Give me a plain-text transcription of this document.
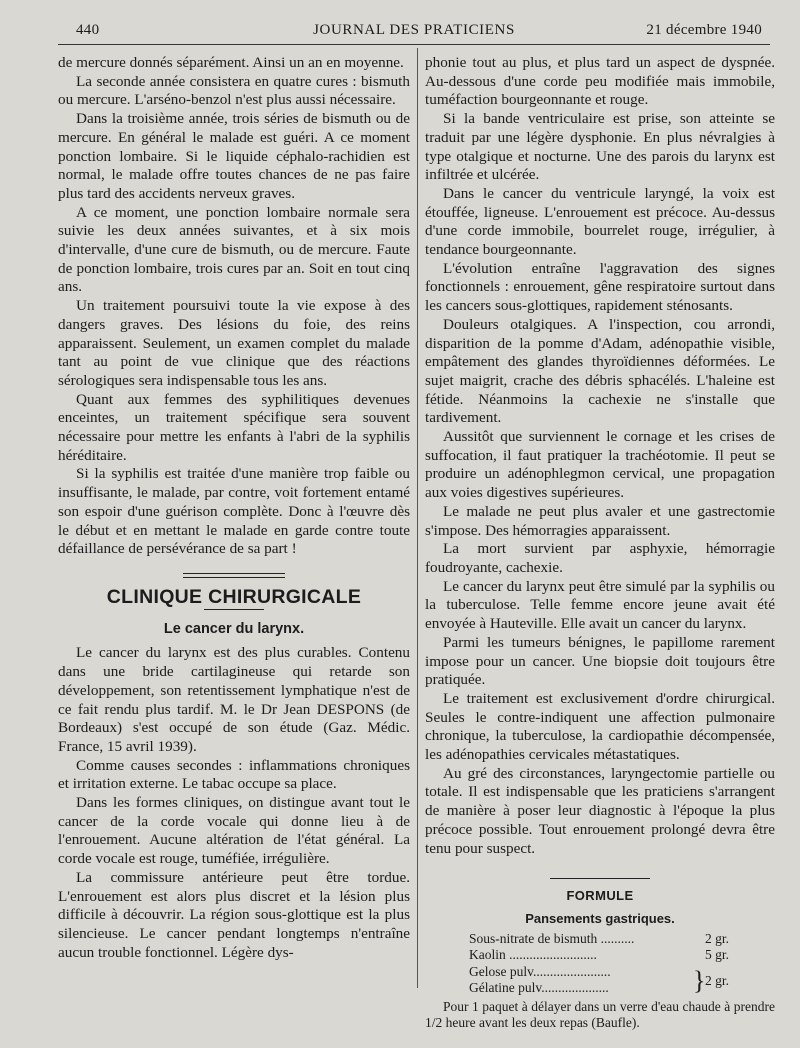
440	JOURNAL DES PRATICIENS	21 décembre 1940

de mercure donnés séparément. Ainsi un an en moyenne.

La seconde année consistera en quatre cures : bismuth ou mercure. L'arséno-benzol n'est plus aussi nécessaire.

Dans la troisième année, trois séries de bismuth ou de mercure. En général le malade est guéri. A ce moment ponction lombaire. Si le liquide céphalo-rachidien est normal, le malade offre toutes chances de ne pas faire plus tard des accidents nerveux graves.

A ce moment, une ponction lombaire normale sera suivie les deux années suivantes, et à six mois d'intervalle, d'une cure de bismuth, ou de mercure. Faute de ponction lombaire, trois cures par an. Soit en tout cinq ans.

Un traitement poursuivi toute la vie expose à des dangers graves. Des lésions du foie, des reins apparaissent. Seulement, un examen complet du malade tant au point de vue clinique que des réactions sérologiques sera indispensable tous les ans.

Quant aux femmes des syphilitiques devenues enceintes, un traitement spécifique sera souvent nécessaire pour mettre les enfants à l'abri de la syphilis héréditaire.

Si la syphilis est traitée d'une manière trop faible ou insuffisante, le malade, par contre, voit fortement entamé son espoir d'une guérison complète. Donc à l'œuvre dès le début et en mettant le malade en garde contre toute défaillance de persévérance de sa part !

CLINIQUE CHIRURGICALE
Le cancer du larynx.

Le cancer du larynx est des plus curables. Contenu dans une bride cartilagineuse qui retarde son développement, son retentissement lymphatique n'est de ce fait rendu plus tardif. M. le Dr Jean DESPONS (de Bordeaux) s'est occupé de son étude (Gaz. Médic. France, 15 avril 1939).

Comme causes secondes : inflammations chroniques et irritation externe. Le tabac occupe sa place.

Dans les formes cliniques, on distingue avant tout le cancer de la corde vocale qui donne lieu à de l'enrouement. Aucune altération de l'état général. La corde vocale est rouge, tuméfiée, irrégulière.

La commissure antérieure peut être tordue. L'enrouement est alors plus discret et la lésion plus difficile à découvrir. La région sous-glottique est la plus silencieuse. Le cancer pendant longtemps n'entraîne aucun trouble fonctionnel. Légère dys-

phonie tout au plus, et plus tard un aspect de dyspnée. Au-dessous d'une corde peu modifiée mais immobile, tuméfaction bourgeonnante et rouge.

Si la bande ventriculaire est prise, son atteinte se traduit par une légère dysphonie. En plus névralgies à type otalgique et nocturne. Une des parois du larynx est infiltrée et ulcérée.

Dans le cancer du ventricule laryngé, la voix est étouffée, ligneuse. L'enrouement est précoce. Au-dessus d'une corde immobile, bourrelet rouge, irrégulier, à tendance bourgeonnante.

L'évolution entraîne l'aggravation des signes fonctionnels : enrouement, gêne respiratoire surtout dans les cancers sous-glottiques, rapidement sténosants.

Douleurs otalgiques. A l'inspection, cou arrondi, disparition de la pomme d'Adam, adénopathie visible, empâtement des glandes thyroïdiennes déformées. Le sujet maigrit, crache des débris sphacélés. L'haleine est fétide. Néanmoins la cachexie ne s'installe que tardivement.

Aussitôt que surviennent le cornage et les crises de suffocation, il faut pratiquer la trachéotomie. Il peut se produire un adénophlegmon cervical, une propagation aux voies digestives supérieures.

Le malade ne peut plus avaler et une gastrectomie s'impose. Des hémorragies apparaissent.

La mort survient par asphyxie, hémorragie foudroyante, cachexie.

Le cancer du larynx peut être simulé par la syphilis ou la tuberculose. Telle femme encore jeune avait été envoyée à Hauteville. Elle avait un cancer du larynx.

Parmi les tumeurs bénignes, le papillome rarement impose pour un cancer. Une biopsie doit toujours être pratiquée.

Le traitement est exclusivement d'ordre chirurgical. Seules le contre-indiquent une affection pulmonaire chronique, la tuberculose, la cardiopathie décompensée, les adénopathies cervicales métastatiques.

Au gré des circonstances, laryngectomie partielle ou totale. Il est indispensable que les praticiens s'arrangent de manière à poser leur diagnostic à l'époque la plus précoce possible. Tout enrouement prolongé devra être tenu pour suspect.

FORMULE
Pansements gastriques.
Sous-nitrate de bismuth ..........	2 gr.
Kaolin ..........................	5 gr.
Gelose pulv.......................
Gélatine pulv....................	} 2 gr.
Pour 1 paquet à délayer dans un verre d'eau chaude à prendre 1/2 heure avant les deux repas (Baufle).
